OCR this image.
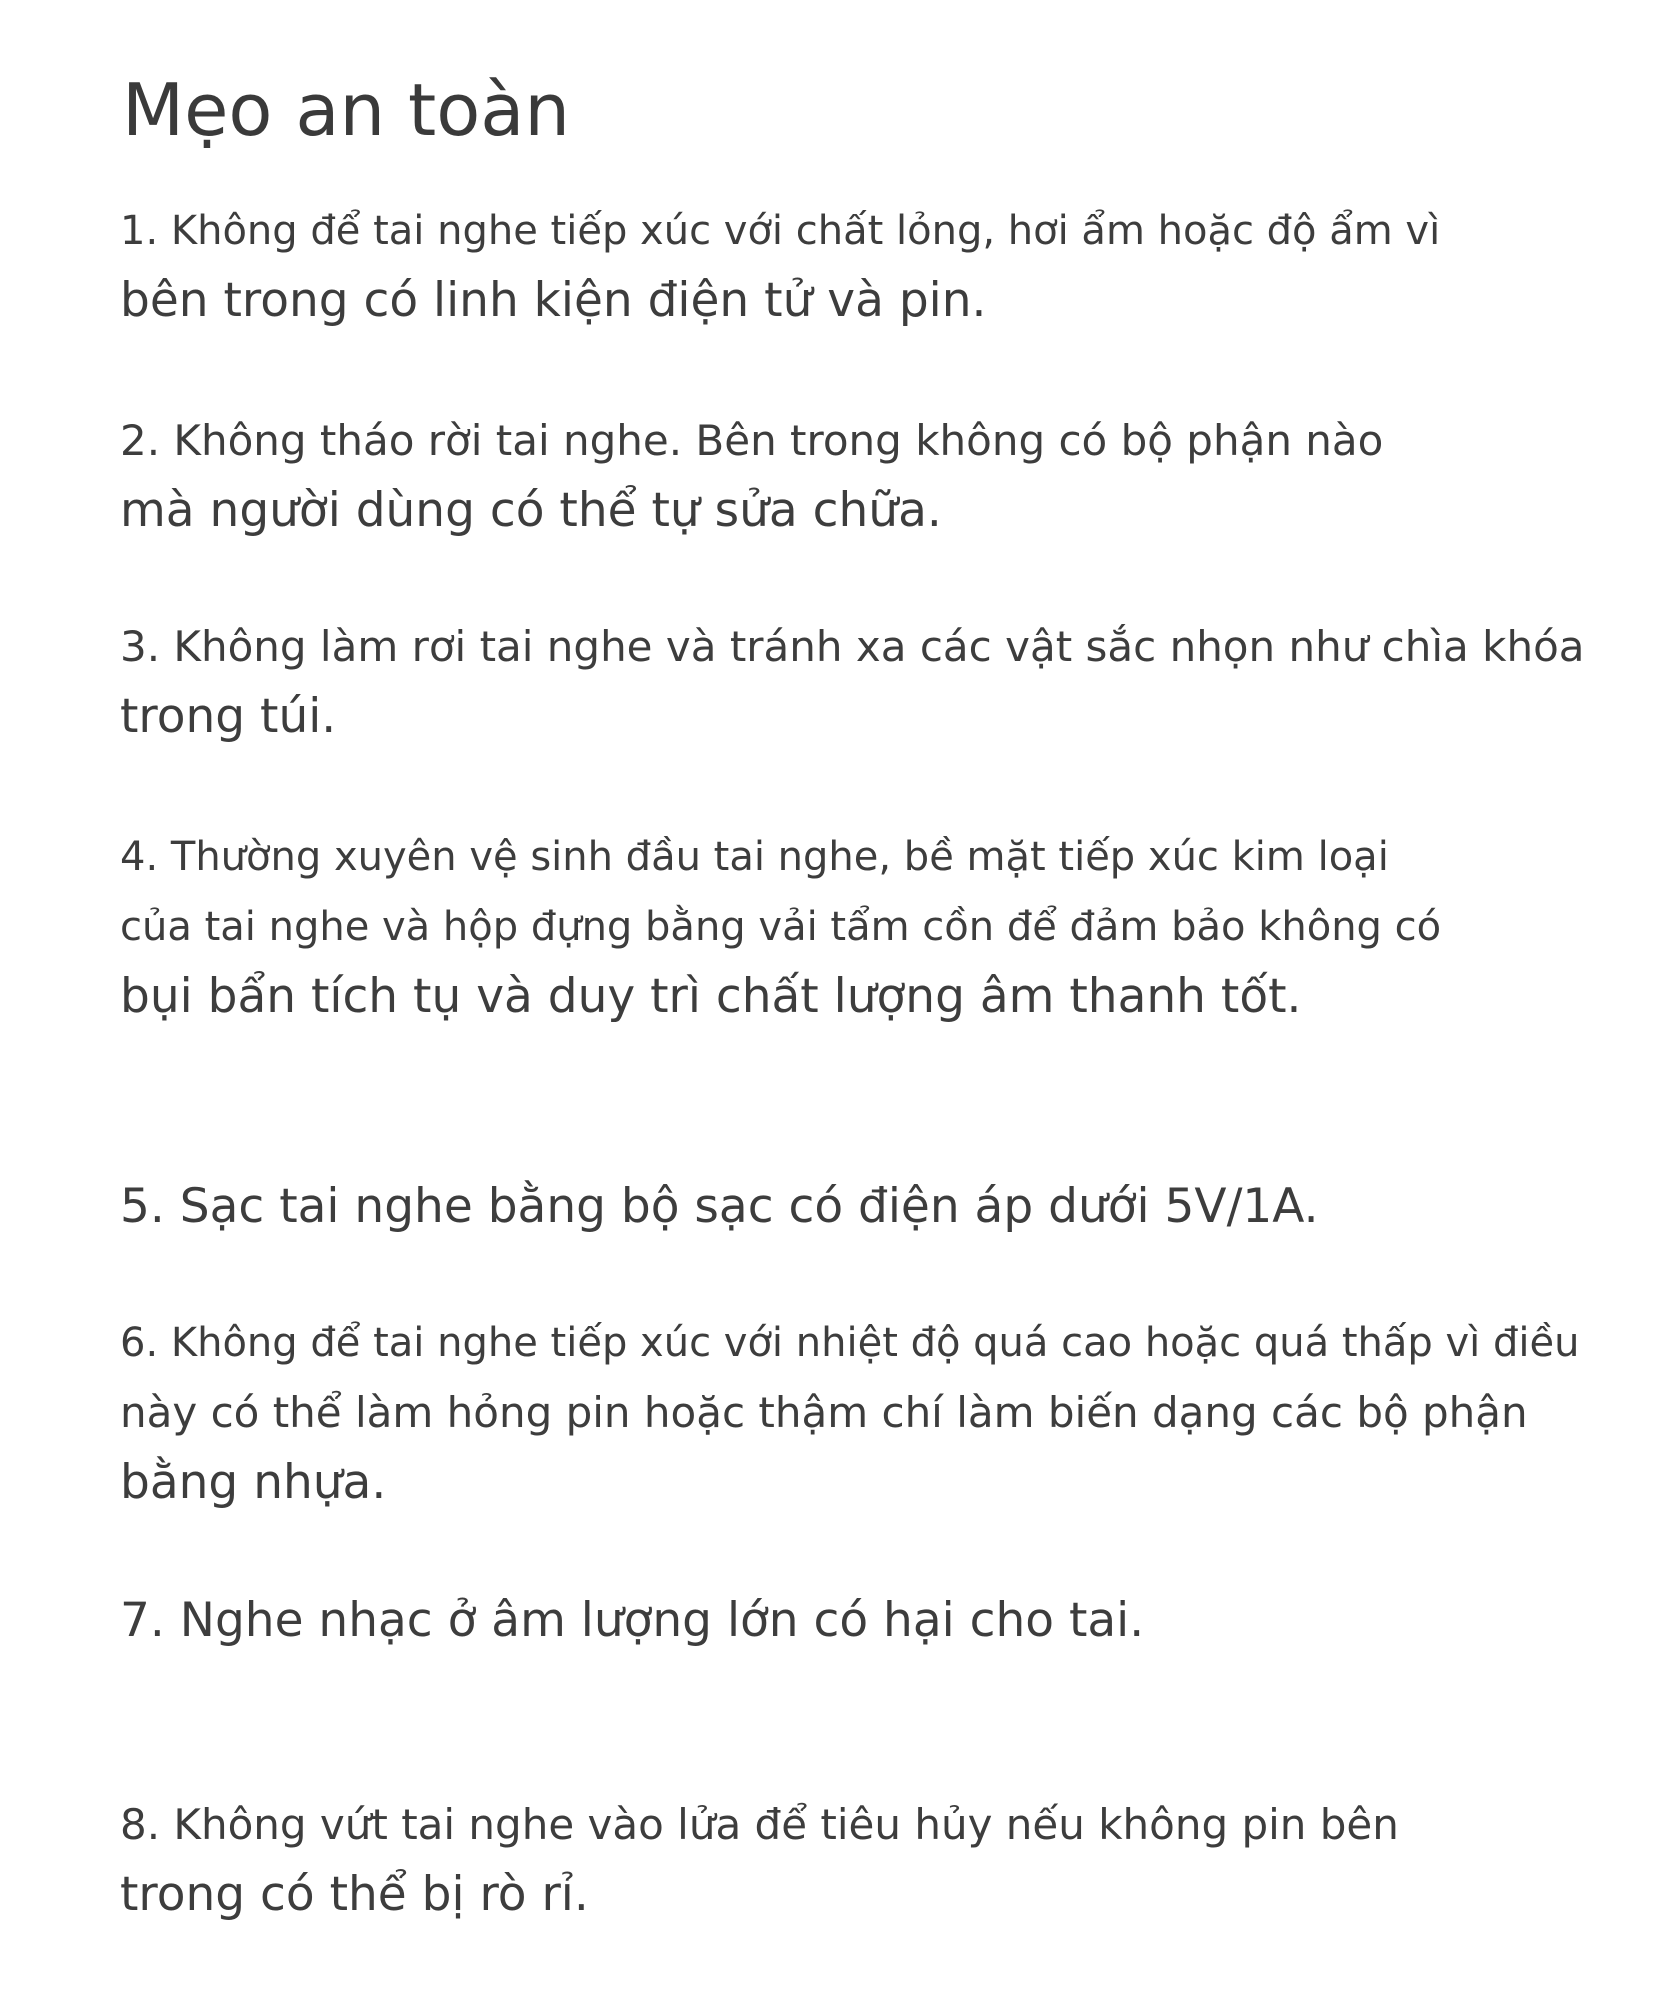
Mẹo an toàn
1. Không để tai nghe tiếp xúc với chất lỏng, hơi ẩm hoặc độ ẩm vì
bên trong có linh kiện điện tử và pin.
2. Không tháo rời tai nghe. Bên trong không có bộ phận nào
mà người dùng có thể tự sửa chữa.
3. Không làm rơi tai nghe và tránh xa các vật sắc nhọn như chìa khóa
trong túi.
4. Thường xuyên vệ sinh đầu tai nghe, bề mặt tiếp xúc kim loại
của tai nghe và hộp đựng bằng vải tẩm cồn để đảm bảo không có
bụi bẩn tích tụ và duy trì chất lượng âm thanh tốt.
5. Sạc tai nghe bằng bộ sạc có điện áp dưới 5V/1A.
6. Không để tai nghe tiếp xúc với nhiệt độ quá cao hoặc quá thấp vì điều
này có thể làm hỏng pin hoặc thậm chí làm biến dạng các bộ phận
bằng nhựa.
7. Nghe nhạc ở âm lượng lớn có hại cho tai.
8. Không vứt tai nghe vào lửa để tiêu hủy nếu không pin bên
trong có thể bị rò rỉ.
